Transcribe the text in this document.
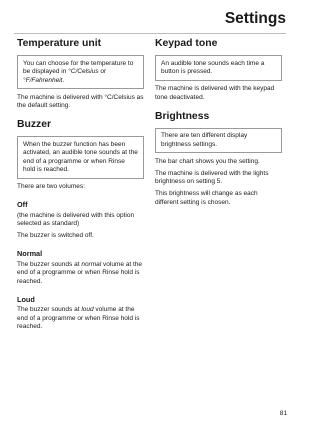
Settings
Temperature unit

You can choose for the temperature to be displayed in °C/Celsius or °F/Fahrenheit.

The machine is delivered with °C/Celsius as the default setting.

Buzzer

When the buzzer function has been activated, an audible tone sounds at the end of a programme or when Rinse hold is reached.

There are two volumes:

Off

(the machine is delivered with this option selected as standard)

The buzzer is switched off.

Normal

The buzzer sounds at normal volume at the end of a programme or when Rinse hold is reached.

Loud

The buzzer sounds at loud volume at the end of a programme or when Rinse hold is reached.

Keypad tone

An audible tone sounds each time a button is pressed.

The machine is delivered with the keypad tone deactivated.

Brightness

There are ten different display brightness settings.

The bar chart shows you the setting.

The machine is delivered with the lights brightness on setting 5.

This brightness will change as each different setting is chosen.

81
